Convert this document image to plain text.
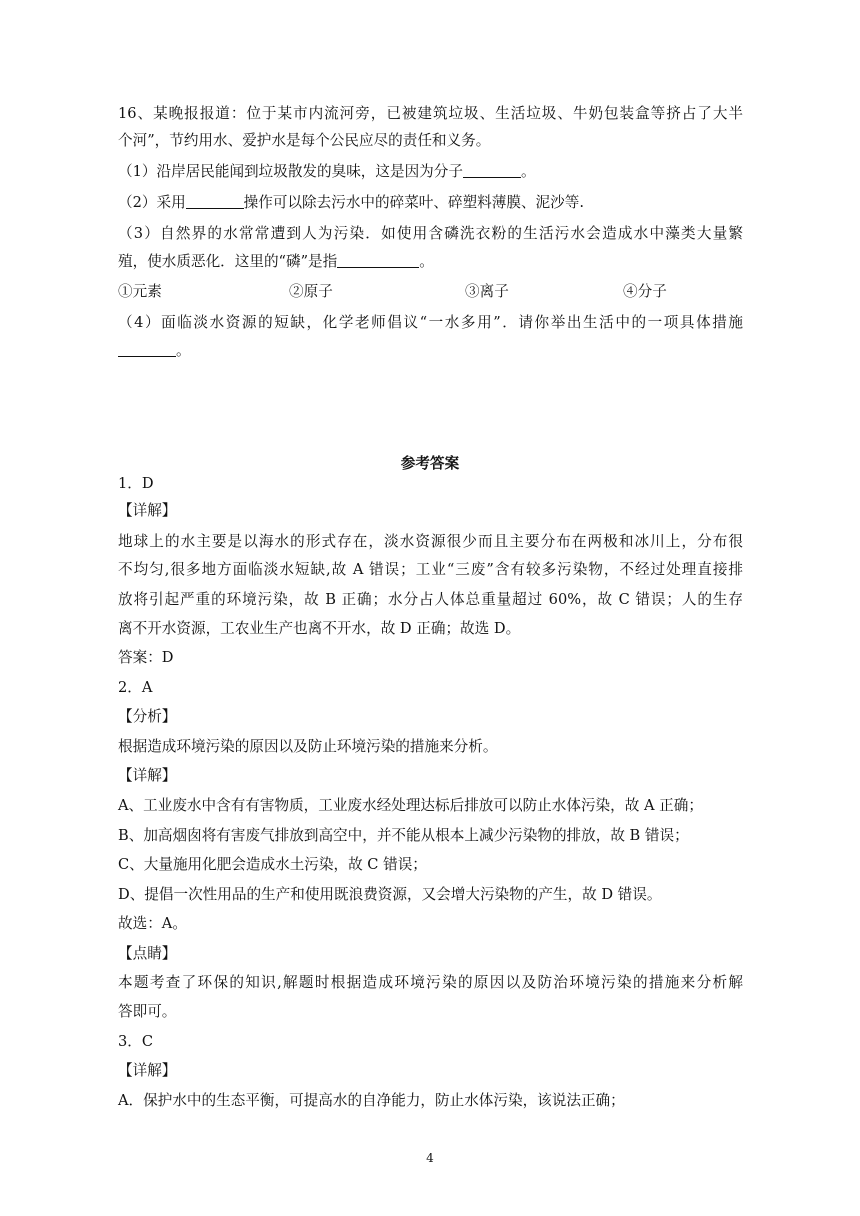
16、某晚报报道：位于某市内流河旁，已被建筑垃圾、生活垃圾、牛奶包装盒等挤占了大半
个河”，节约用水、爱护水是每个公民应尽的责任和义务。
（1）沿岸居民能闻到垃圾散发的臭味，这是因为分子	。
（2）采用	操作可以除去污水中的碎菜叶、碎塑料薄膜、泥沙等.
（3）自然界的水常常遭到人为污染．如使用含磷洗衣粉的生活污水会造成水中藻类大量繁
殖，使水质恶化．这里的“磷”是指	。
①元素	②原子	③离子	④分子
（4）面临淡水资源的短缺，化学老师倡议“一水多用”．请你举出生活中的一项具体措施
。
参考答案
1．D
【详解】
地球上的水主要是以海水的形式存在，淡水资源很少而且主要分布在两极和冰川上，分布很
不均匀,很多地方面临淡水短缺,故 A 错误；工业“三废”含有较多污染物，不经过处理直接排
放将引起严重的环境污染，故 B 正确；水分占人体总重量超过 60%，故 C 错误；人的生存
离不开水资源，工农业生产也离不开水，故 D 正确；故选 D。
答案：D
2．A
【分析】
根据造成环境污染的原因以及防止环境污染的措施来分析。
【详解】
A、工业废水中含有有害物质，工业废水经处理达标后排放可以防止水体污染，故 A 正确；
B、加高烟囱将有害废气排放到高空中，并不能从根本上减少污染物的排放，故 B 错误；
C、大量施用化肥会造成水土污染，故 C 错误；
D、提倡一次性用品的生产和使用既浪费资源，又会增大污染物的产生，故 D 错误。
故选：A。
【点睛】
本题考查了环保的知识,解题时根据造成环境污染的原因以及防治环境污染的措施来分析解
答即可。
3．C
【详解】
A．保护水中的生态平衡，可提高水的自净能力，防止水体污染，该说法正确；
4
